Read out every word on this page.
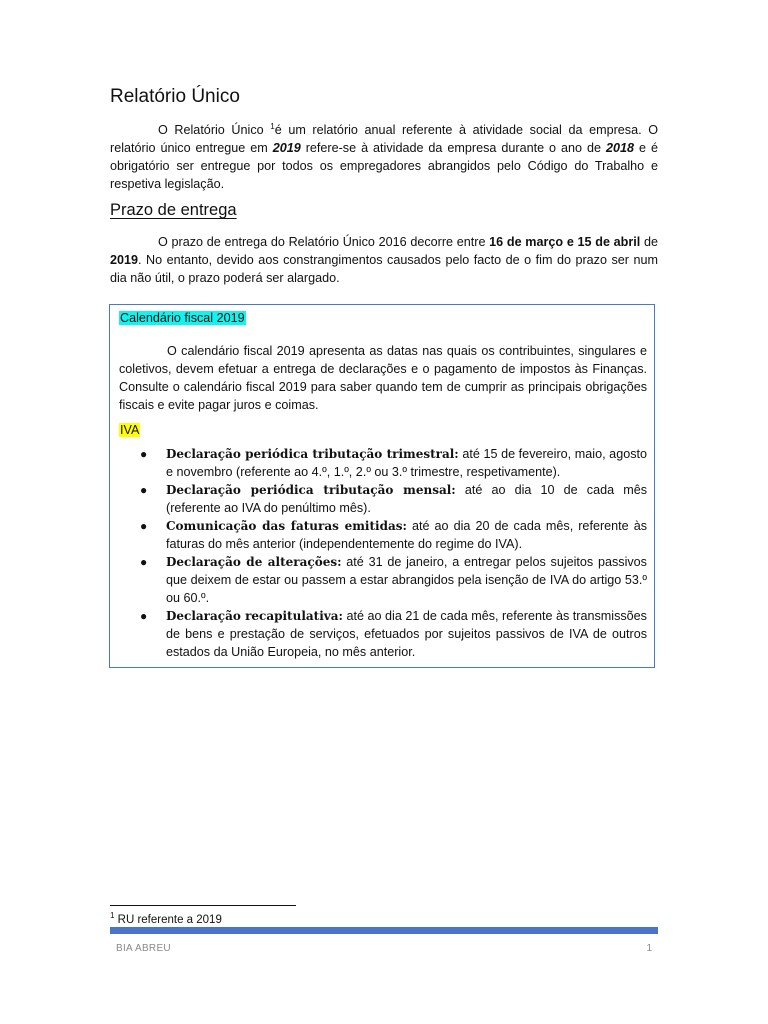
Relatório Único

O Relatório Único $^1$é um relatório anual referente à atividade social da empresa. O relatório único entregue em 2019 refere-se à atividade da empresa durante o ano de 2018 e é obrigatório ser entregue por todos os empregadores abrangidos pelo Código do Trabalho e respetiva legislação.

Prazo de entrega

O prazo de entrega do Relatório Único 2016 decorre entre 16 de março e 15 de abril de 2019. No entanto, devido aos constrangimentos causados pelo facto de o fim do prazo ser num dia não útil, o prazo poderá ser alargado.

Calendário fiscal 2019

O calendário fiscal 2019 apresenta as datas nas quais os contribuintes, singulares e coletivos, devem efetuar a entrega de declarações e o pagamento de impostos às Finanças. Consulte o calendário fiscal 2019 para saber quando tem de cumprir as principais obrigações fiscais e evite pagar juros e coimas.

IVA

● Declaração periódica tributação trimestral: até 15 de fevereiro, maio, agosto e novembro (referente ao 4.º, 1.º, 2.º ou 3.º trimestre, respetivamente).
● Declaração periódica tributação mensal: até ao dia 10 de cada mês (referente ao IVA do penúltimo mês).
● Comunicação das faturas emitidas: até ao dia 20 de cada mês, referente às faturas do mês anterior (independentemente do regime do IVA).
● Declaração de alterações: até 31 de janeiro, a entregar pelos sujeitos passivos que deixem de estar ou passem a estar abrangidos pela isenção de IVA do artigo 53.º ou 60.º.
● Declaração recapitulativa: até ao dia 21 de cada mês, referente às transmissões de bens e prestação de serviços, efetuados por sujeitos passivos de IVA de outros estados da União Europeia, no mês anterior.
$^1$ RU referente a 2019
BIA ABREU	1
